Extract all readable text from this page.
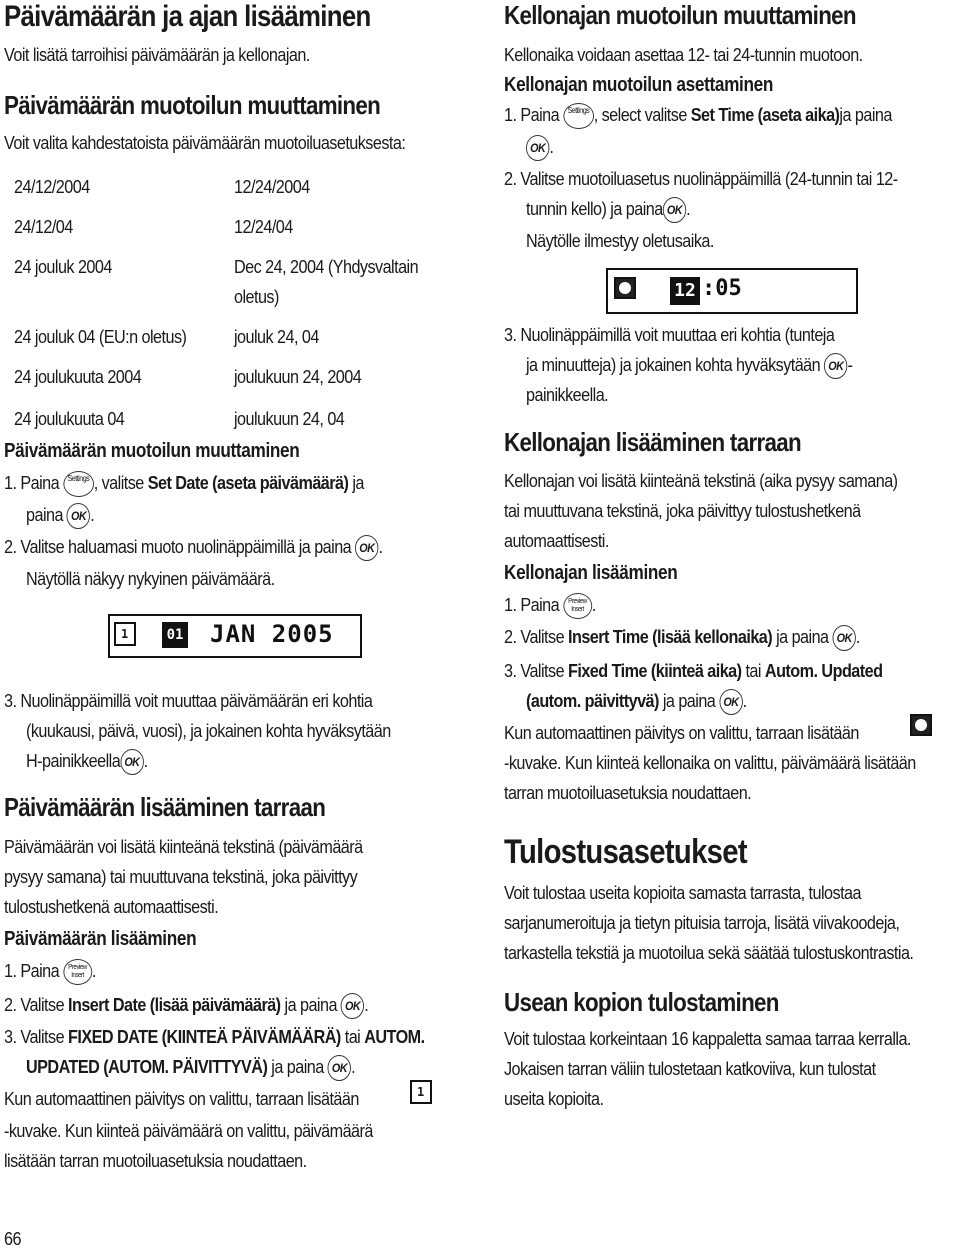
Päivämäärän ja ajan lisääminen
Voit lisätä tarroihisi päivämäärän ja kellonajan.
Päivämäärän muotoilun muuttaminen
Voit valita kahdestatoista päivämäärän muotoiluasetuksesta:
24/12/2004	12/24/2004
24/12/04	12/24/04
24 jouluk 2004	Dec 24, 2004 (Yhdysvaltain
oletus)
24 jouluk 04 (EU:n oletus)	jouluk 24, 04
24 joulukuuta 2004	joulukuun 24, 2004
24 joulukuuta 04	joulukuun 24, 04
Päivämäärän muotoilun muuttaminen
1. Paina Settings , valitse Set Date (aseta päivämäärä) ja
paina OK .
2. Valitse haluamasi muoto nuolinäppäimillä ja paina OK .
Näytöllä näkyy nykyinen päivämäärä.
1	01 JAN 2005
3. Nuolinäppäimillä voit muuttaa päivämäärän eri kohtia
(kuukausi, päivä, vuosi), ja jokainen kohta hyväksytään
H-painikkeella OK .
Päivämäärän lisääminen tarraan
Päivämäärän voi lisätä kiinteänä tekstinä (päivämäärä
pysyy samana) tai muuttuvana tekstinä, joka päivittyy
tulostushetkenä automaattisesti.
Päivämäärän lisääminen
1. Paina Preview
Insert .
2. Valitse Insert Date (lisää päivämäärä) ja paina OK .
3. Valitse FIXED DATE (KIINTEÄ PÄIVÄMÄÄRÄ) tai AUTOM.
UPDATED (AUTOM. PÄIVITTYVÄ) ja paina OK .
Kun automaattinen päivitys on valittu, tarraan lisätään	1
-kuvake. Kun kiinteä päivämäärä on valittu, päivämäärä
lisätään tarran muotoiluasetuksia noudattaen.
66
Kellonajan muotoilun muuttaminen
Kellonaika voidaan asettaa 12- tai 24-tunnin muotoon.
Kellonajan muotoilun asettaminen
1. Paina Settings , select valitse Set Time (aseta aika)ja paina
OK .
2. Valitse muotoiluasetus nuolinäppäimillä (24-tunnin tai 12-
tunnin kello) ja paina OK .
Näytölle ilmestyy oletusaika.
12 :05
3. Nuolinäppäimillä voit muuttaa eri kohtia (tunteja
ja minuutteja) ja jokainen kohta hyväksytään OK -
painikkeella.
Kellonajan lisääminen tarraan
Kellonajan voi lisätä kiinteänä tekstinä (aika pysyy samana)
tai muuttuvana tekstinä, joka päivittyy tulostushetkenä
automaattisesti.
Kellonajan lisääminen
1. Paina Preview
Insert .
2. Valitse Insert Time (lisää kellonaika) ja paina OK .
3. Valitse Fixed Time (kiinteä aika) tai Autom. Updated
(autom. päivittyvä) ja paina OK .
Kun automaattinen päivitys on valittu, tarraan lisätään
-kuvake. Kun kiinteä kellonaika on valittu, päivämäärä lisätään
tarran muotoiluasetuksia noudattaen.
Tulostusasetukset
Voit tulostaa useita kopioita samasta tarrasta, tulostaa
sarjanumeroituja ja tietyn pituisia tarroja, lisätä viivakoodeja,
tarkastella tekstiä ja muotoilua sekä säätää tulostuskontrastia.
Usean kopion tulostaminen
Voit tulostaa korkeintaan 16 kappaletta samaa tarraa kerralla.
Jokaisen tarran väliin tulostetaan katkoviiva, kun tulostat
useita kopioita.
